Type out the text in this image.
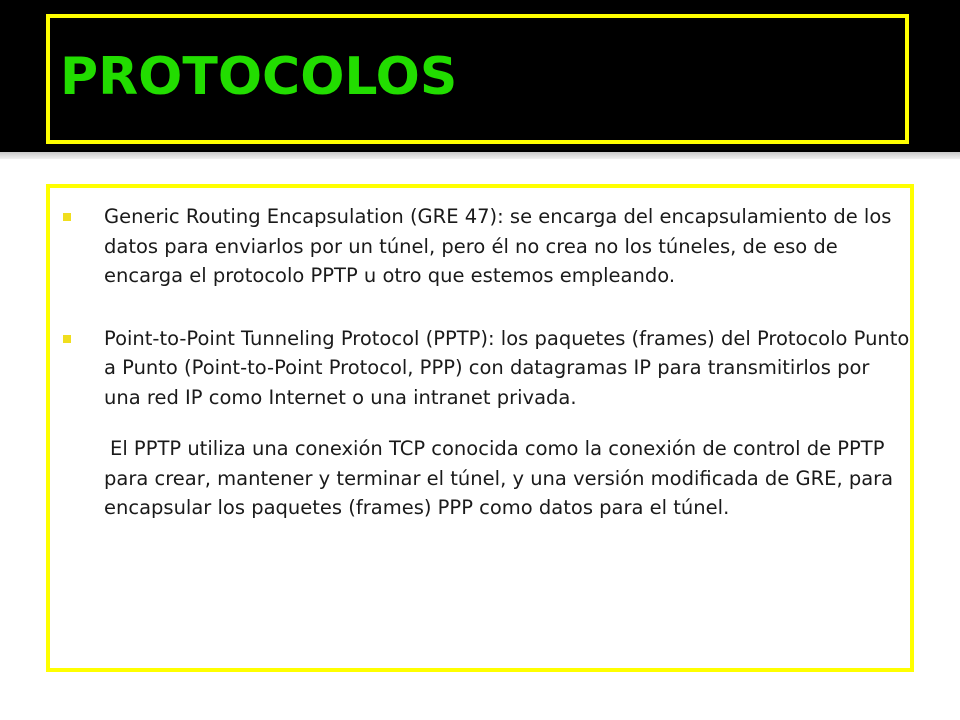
PROTOCOLOS
Generic Routing Encapsulation (GRE 47): se encarga del encapsulamiento de los datos para enviarlos por un túnel, pero él no crea no los túneles, de eso de encarga el protocolo PPTP u otro que estemos empleando.
Point-to-Point Tunneling Protocol (PPTP): los paquetes (frames) del Protocolo Punto a Punto (Point-to-Point Protocol, PPP) con datagramas IP para transmitirlos por una red IP como Internet o una intranet privada.
El PPTP utiliza una conexión TCP conocida como la conexión de control de PPTP para crear, mantener y terminar el túnel, y una versión modificada de GRE, para encapsular los paquetes (frames) PPP como datos para el túnel.
